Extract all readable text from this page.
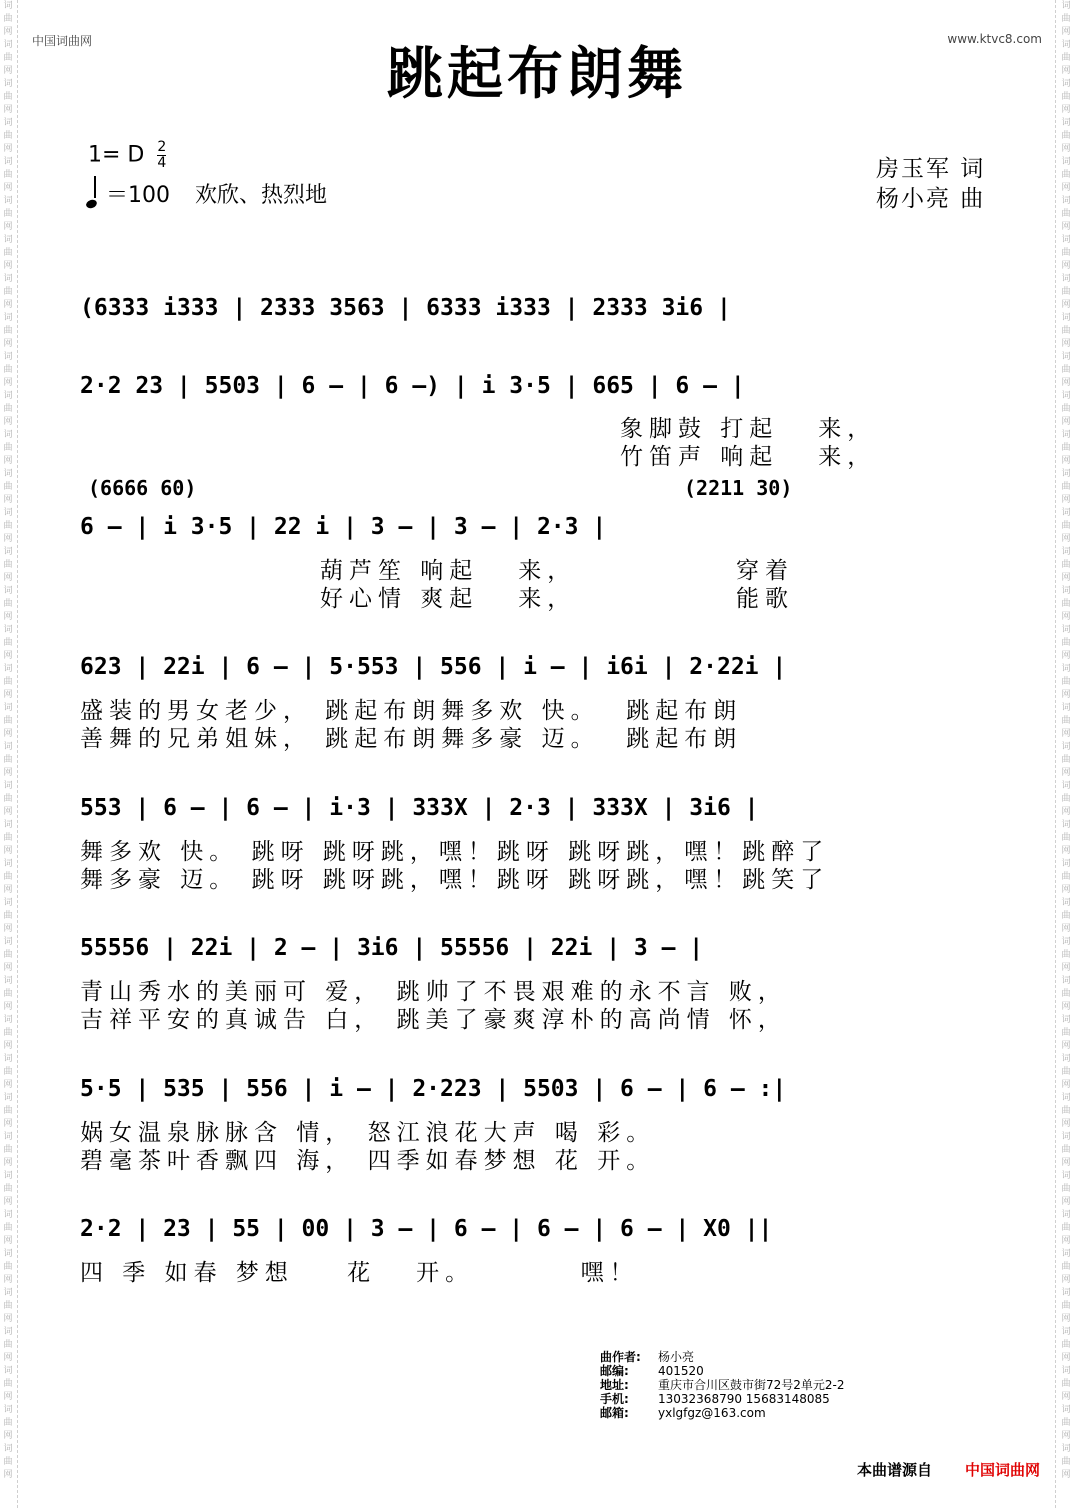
词曲网词曲网词曲网词曲网词曲网词曲网词曲网词曲网词曲网词曲网词曲网词曲网词曲网词曲网词曲网词曲网词曲网词曲网词曲网词曲网词曲网词曲网词曲网词曲网词曲网词曲网词曲网词曲网词曲网词曲网词曲网词曲网词曲网词曲网词曲网词曲网词曲网词曲网
词曲网词曲网词曲网词曲网词曲网词曲网词曲网词曲网词曲网词曲网词曲网词曲网词曲网词曲网词曲网词曲网词曲网词曲网词曲网词曲网词曲网词曲网词曲网词曲网词曲网词曲网词曲网词曲网词曲网词曲网词曲网词曲网词曲网词曲网词曲网词曲网词曲网词曲网
中国词曲网	www.ktvc8.com
跳起布朗舞
1= D $\frac{2}{4}$
＝100 欢欣、热烈地
房玉军 词
杨小亮 曲
(6333 i333 | 2333 3563 | 6333 i333 | 2333 3i6 |
2·2 23 | 5503 | 6 – | 6 –) | i 3·5 | 665 | 6 – |
象脚鼓 打起   来，
竹笛声 响起   来，
(6666 60)	(2211 30)
6 – | i 3·5 | 22 i | 3 – | 3 – | 2·3 |
葫芦笙 响起   来，            穿着
好心情 爽起   来，            能歌
623 | 22i | 6 – | 5·553 | 556 | i – | i6i | 2·22i |
盛装的男女老少， 跳起布朗舞多欢 快。  跳起布朗
善舞的兄弟姐妹， 跳起布朗舞多豪 迈。  跳起布朗
553 | 6 – | 6 – | i·3 | 333X | 2·3 | 333X | 3i6 |
舞多欢 快。 跳呀 跳呀跳，嘿！跳呀 跳呀跳，嘿！跳醉了
舞多豪 迈。 跳呀 跳呀跳，嘿！跳呀 跳呀跳，嘿！跳笑了
55556 | 22i | 2 – | 3i6 | 55556 | 22i | 3 – |
青山秀水的美丽可 爱， 跳帅了不畏艰难的永不言 败，
吉祥平安的真诚告 白， 跳美了豪爽淳朴的高尚情 怀，
5·5 | 535 | 556 | i – | 2·223 | 5503 | 6 – | 6 – :|
娲女温泉脉脉含 情， 怒江浪花大声 喝 彩。
碧毫茶叶香飘四 海， 四季如春梦想 花 开。
2·2 | 23 | 55 | 00 | 3 – | 6 – | 6 – | 6 – | X0 ||
四 季 如春 梦想    花   开。        嘿！
曲作者: 杨小亮
邮编: 401520
地址: 重庆市合川区鼓市街72号2单元2-2
手机: 13032368790 15683148085
邮箱: yxlgfgz@163.com
本曲谱源自 中国词曲网
